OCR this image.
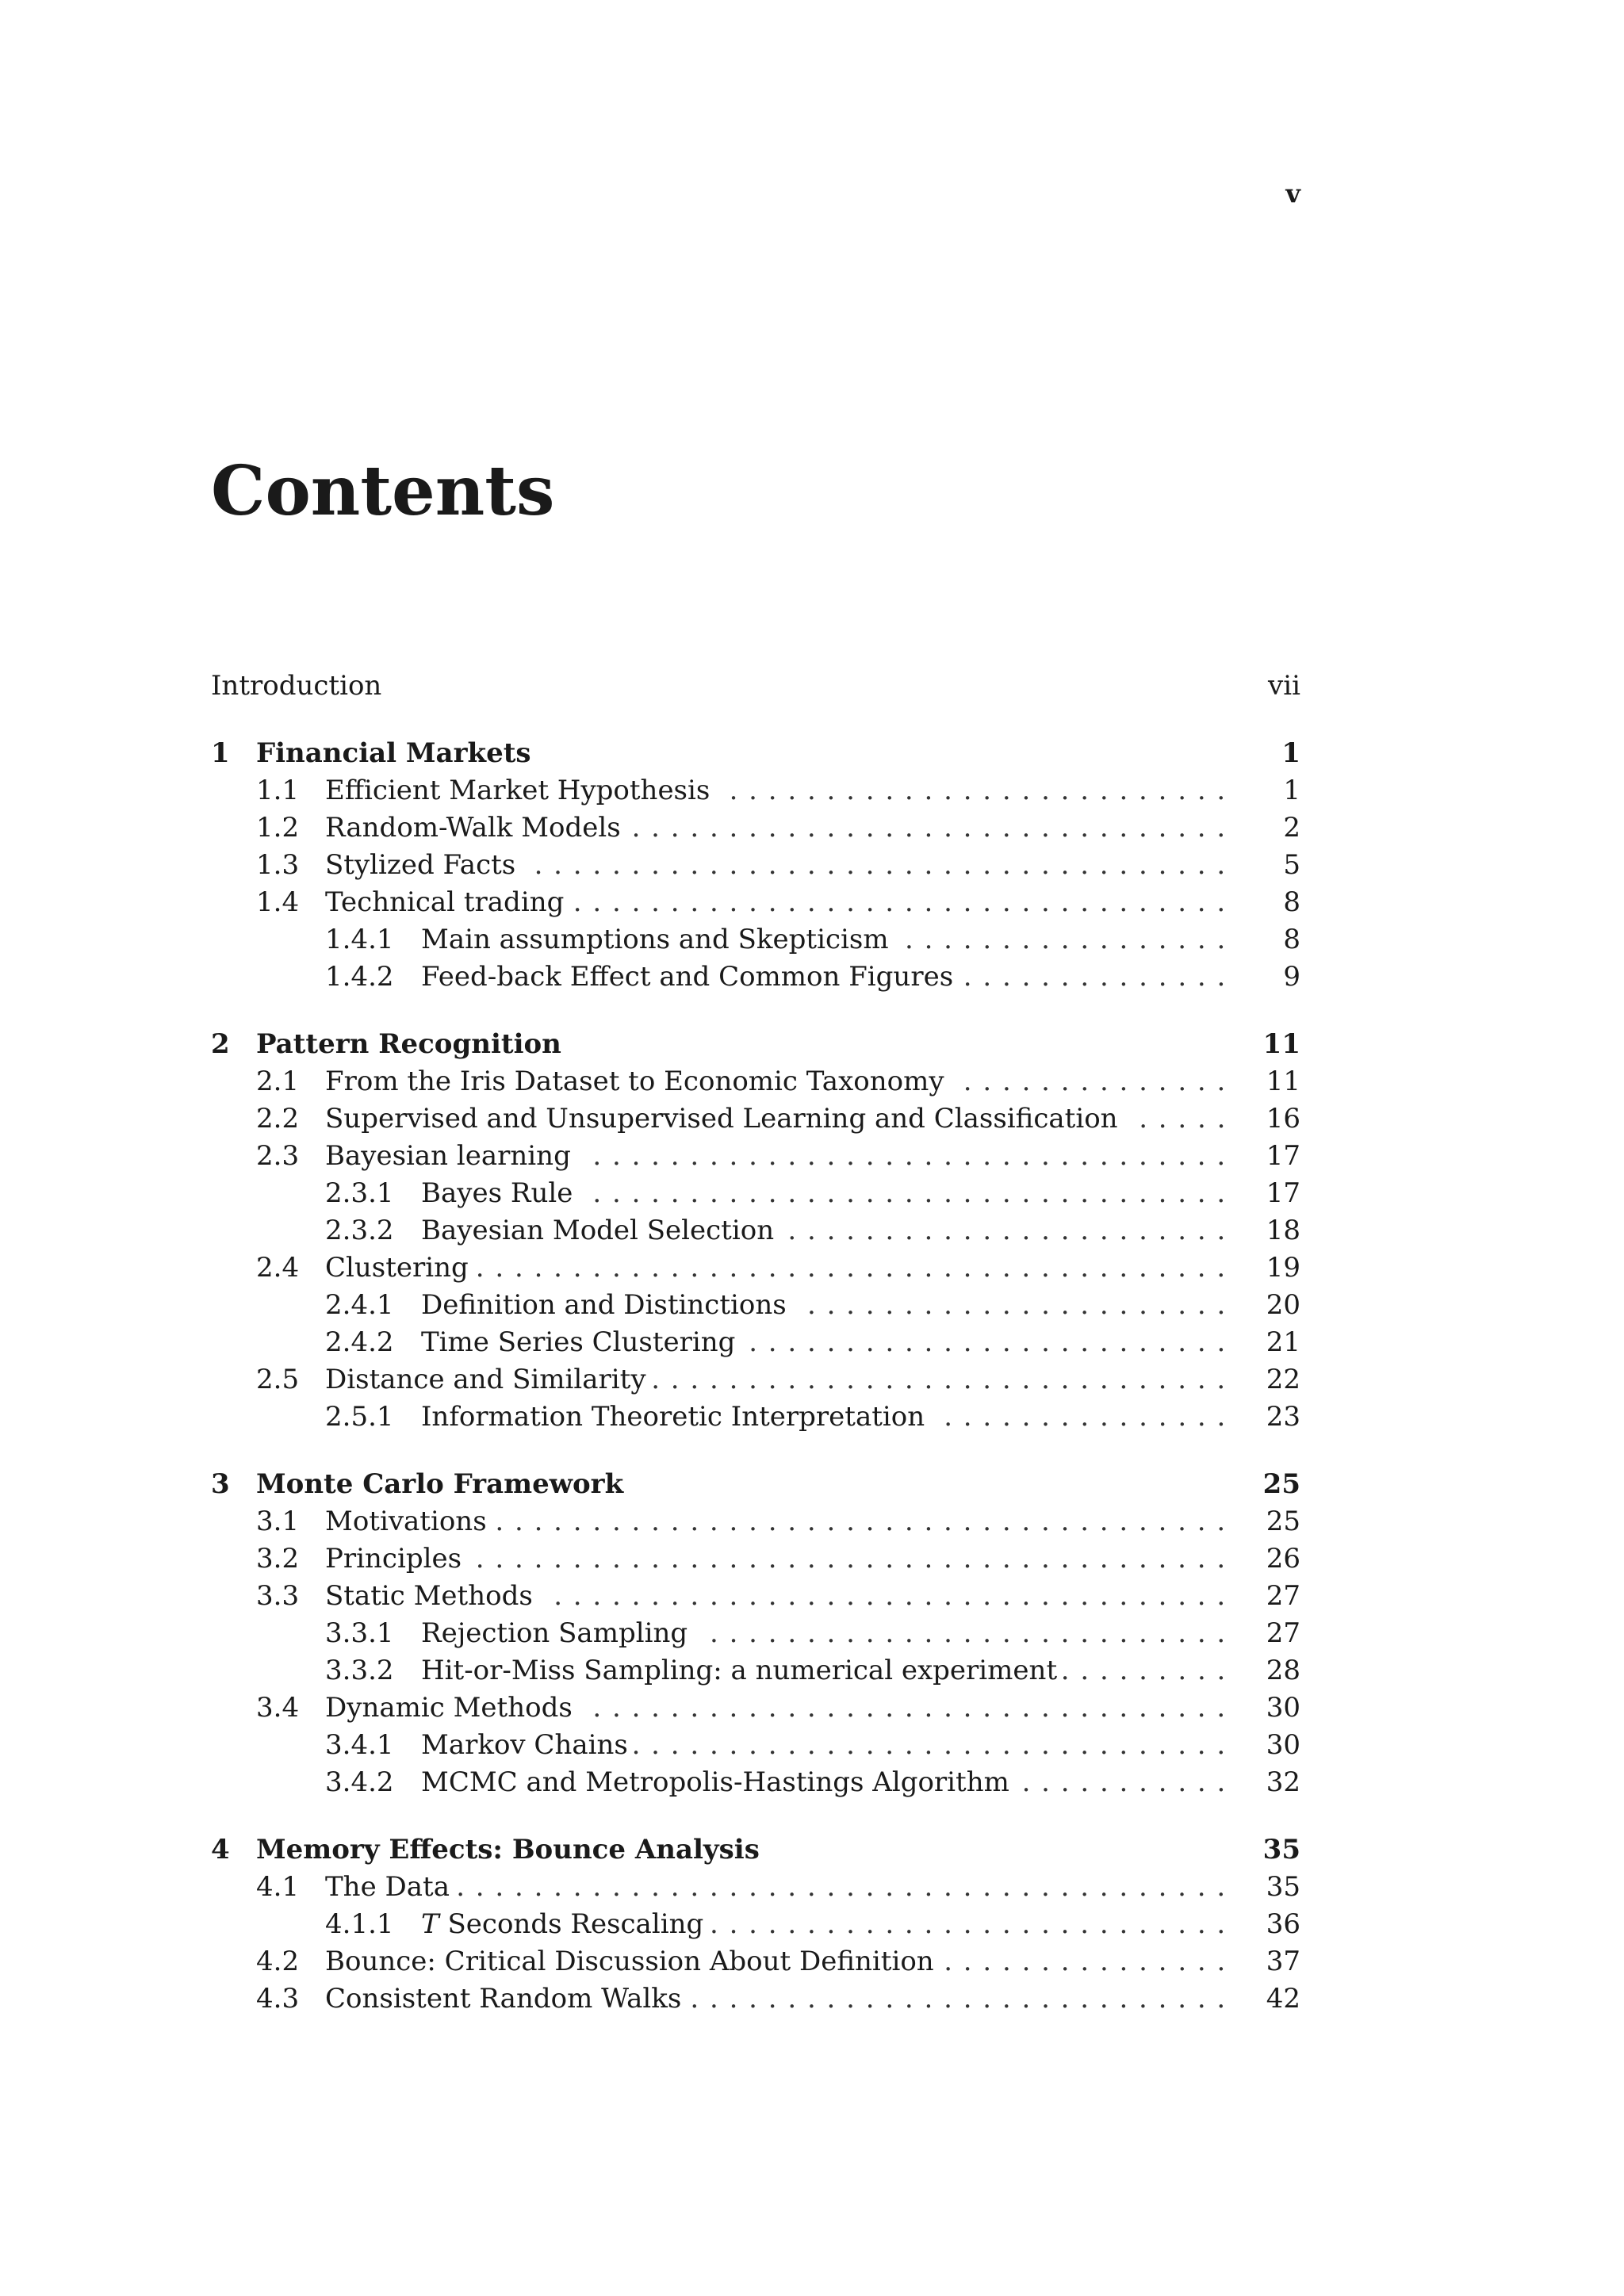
v
Contents
Introduction	vii
1 Financial Markets	1
1.1 Efficient Market Hypothesis	1
. . . . . . . . . . . . . . . . . . . . . . . . . .
1.2 Random-Walk Models	2
. . . . . . . . . . . . . . . . . . . . . . . . . . . . . . .
1.3 Stylized Facts	5
. . . . . . . . . . . . . . . . . . . . . . . . . . . . . . . . . . . .
1.4 Technical trading	8
. . . . . . . . . . . . . . . . . . . . . . . . . . . . . . . . . .
1.4.1 Main assumptions and Skepticism	8
. . . . . . . . . . . . . . . . .
1.4.2 Feed-back Effect and Common Figures	9
. . . . . . . . . . . . . .
2 Pattern Recognition	11
2.1 From the Iris Dataset to Economic Taxonomy	11
. . . . . . . . . . . . . .
2.2 Supervised and Unsupervised Learning and Classification	16
. . . . .
2.3 Bayesian learning	17
. . . . . . . . . . . . . . . . . . . . . . . . . . . . . . . . .
2.3.1 Bayes Rule	17
. . . . . . . . . . . . . . . . . . . . . . . . . . . . . . . . .
2.3.2 Bayesian Model Selection	18
. . . . . . . . . . . . . . . . . . . . . . .
2.4 Clustering	19
. . . . . . . . . . . . . . . . . . . . . . . . . . . . . . . . . . . . . . .
2.4.1 Definition and Distinctions	20
. . . . . . . . . . . . . . . . . . . . . .
2.4.2 Time Series Clustering	21
. . . . . . . . . . . . . . . . . . . . . . . . .
2.5 Distance and Similarity	22
. . . . . . . . . . . . . . . . . . . . . . . . . . . . . .
2.5.1 Information Theoretic Interpretation	23
. . . . . . . . . . . . . . .
3 Monte Carlo Framework	25
3.1 Motivations	25
. . . . . . . . . . . . . . . . . . . . . . . . . . . . . . . . . . . . . .
3.2 Principles	26
. . . . . . . . . . . . . . . . . . . . . . . . . . . . . . . . . . . . . . .
3.3 Static Methods	27
. . . . . . . . . . . . . . . . . . . . . . . . . . . . . . . . . . .
3.3.1 Rejection Sampling	27
. . . . . . . . . . . . . . . . . . . . . . . . . . .
3.3.2 Hit-or-Miss Sampling: a numerical experiment	28
. . . . . . . . .
3.4 Dynamic Methods	30
. . . . . . . . . . . . . . . . . . . . . . . . . . . . . . . . .
3.4.1 Markov Chains	30
. . . . . . . . . . . . . . . . . . . . . . . . . . . . . . .
3.4.2 MCMC and Metropolis-Hastings Algorithm	32
. . . . . . . . . . .
4 Memory Effects: Bounce Analysis	35
4.1 The Data	35
. . . . . . . . . . . . . . . . . . . . . . . . . . . . . . . . . . . . . . . .
4.1.1 T Seconds Rescaling	36
. . . . . . . . . . . . . . . . . . . . . . . . . . .
4.2 Bounce: Critical Discussion About Definition	37
. . . . . . . . . . . . . . .
4.3 Consistent Random Walks	42
. . . . . . . . . . . . . . . . . . . . . . . . . . . .
